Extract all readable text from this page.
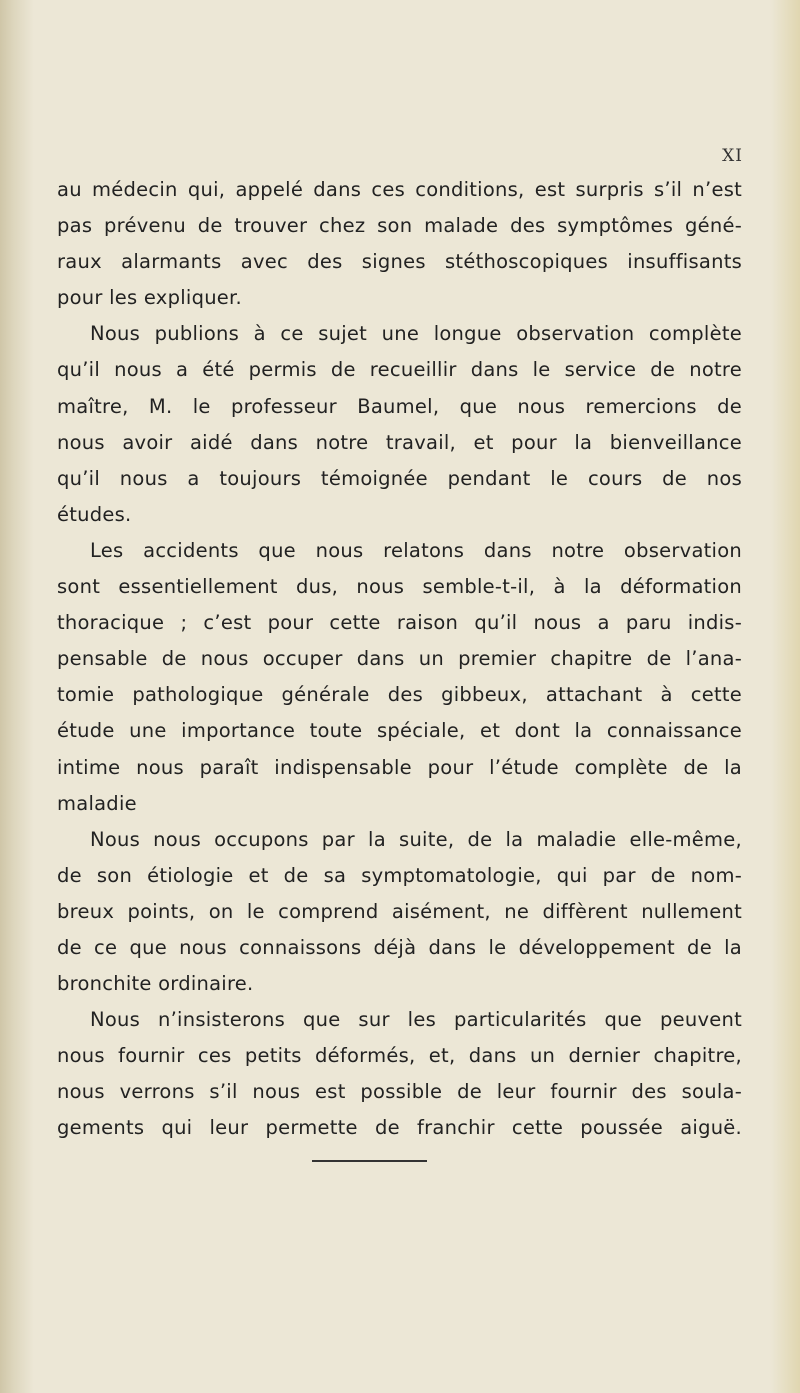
XI
au médecin qui, appelé dans ces conditions, est surpris s’il n’est
pas prévenu de trouver chez son malade des symptômes géné-
raux alarmants avec des signes stéthoscopiques insuffisants
pour les expliquer.
Nous publions à ce sujet une longue observation complète
qu’il nous a été permis de recueillir dans le service de notre
maître, M. le professeur Baumel, que nous remercions de
nous avoir aidé dans notre travail, et pour la bienveillance
qu’il nous a toujours témoignée pendant le cours de nos
études.
Les accidents que nous relatons dans notre observation
sont essentiellement dus, nous semble-t-il, à la déformation
thoracique ; c’est pour cette raison qu’il nous a paru indis-
pensable de nous occuper dans un premier chapitre de l’ana-
tomie pathologique générale des gibbeux, attachant à cette
étude une importance toute spéciale, et dont la connaissance
intime nous paraît indispensable pour l’étude complète de la
maladie
Nous nous occupons par la suite, de la maladie elle-même,
de son étiologie et de sa symptomatologie, qui par de nom-
breux points, on le comprend aisément, ne diffèrent nullement
de ce que nous connaissons déjà dans le développement de la
bronchite ordinaire.
Nous n’insisterons que sur les particularités que peuvent
nous fournir ces petits déformés, et, dans un dernier chapitre,
nous verrons s’il nous est possible de leur fournir des soula-
gements qui leur permette de franchir cette poussée aiguë.
